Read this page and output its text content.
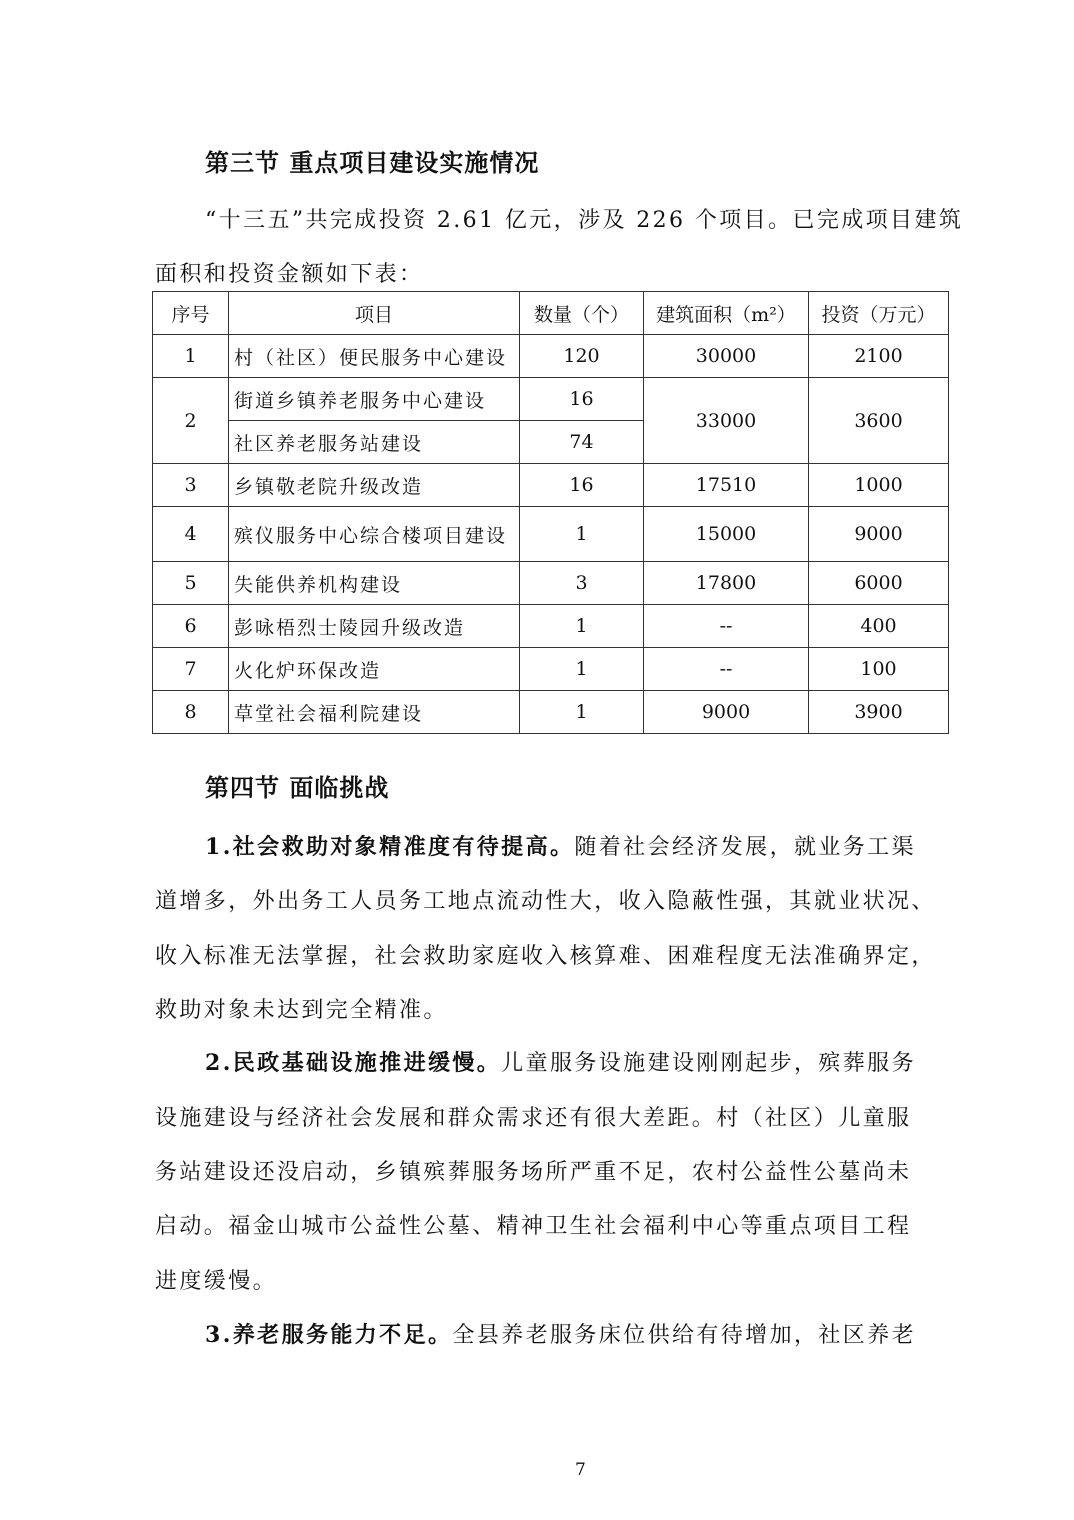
第三节 重点项目建设实施情况
“十三五”共完成投资 2.61 亿元，涉及 226 个项目。已完成项目建筑
面积和投资金额如下表：
序号	项目	数量（个）	建筑面积（m²）	投资（万元）
1	村（社区）便民服务中心建设	120	30000	2100
2	街道乡镇养老服务中心建设	16	33000	3600
	社区养老服务站建设	74		
3	乡镇敬老院升级改造	16	17510	1000
4	殡仪服务中心综合楼项目建设	1	15000	9000
5	失能供养机构建设	3	17800	6000
6	彭咏梧烈士陵园升级改造	1	--	400
7	火化炉环保改造	1	--	100
8	草堂社会福利院建设	1	9000	3900
第四节 面临挑战
1.社会救助对象精准度有待提高。随着社会经济发展，就业务工渠
道增多，外出务工人员务工地点流动性大，收入隐蔽性强，其就业状况、
收入标准无法掌握，社会救助家庭收入核算难、困难程度无法准确界定，
救助对象未达到完全精准。
2.民政基础设施推进缓慢。儿童服务设施建设刚刚起步，殡葬服务
设施建设与经济社会发展和群众需求还有很大差距。村（社区）儿童服
务站建设还没启动，乡镇殡葬服务场所严重不足，农村公益性公墓尚未
启动。福金山城市公益性公墓、精神卫生社会福利中心等重点项目工程
进度缓慢。
3.养老服务能力不足。全县养老服务床位供给有待增加，社区养老
7
